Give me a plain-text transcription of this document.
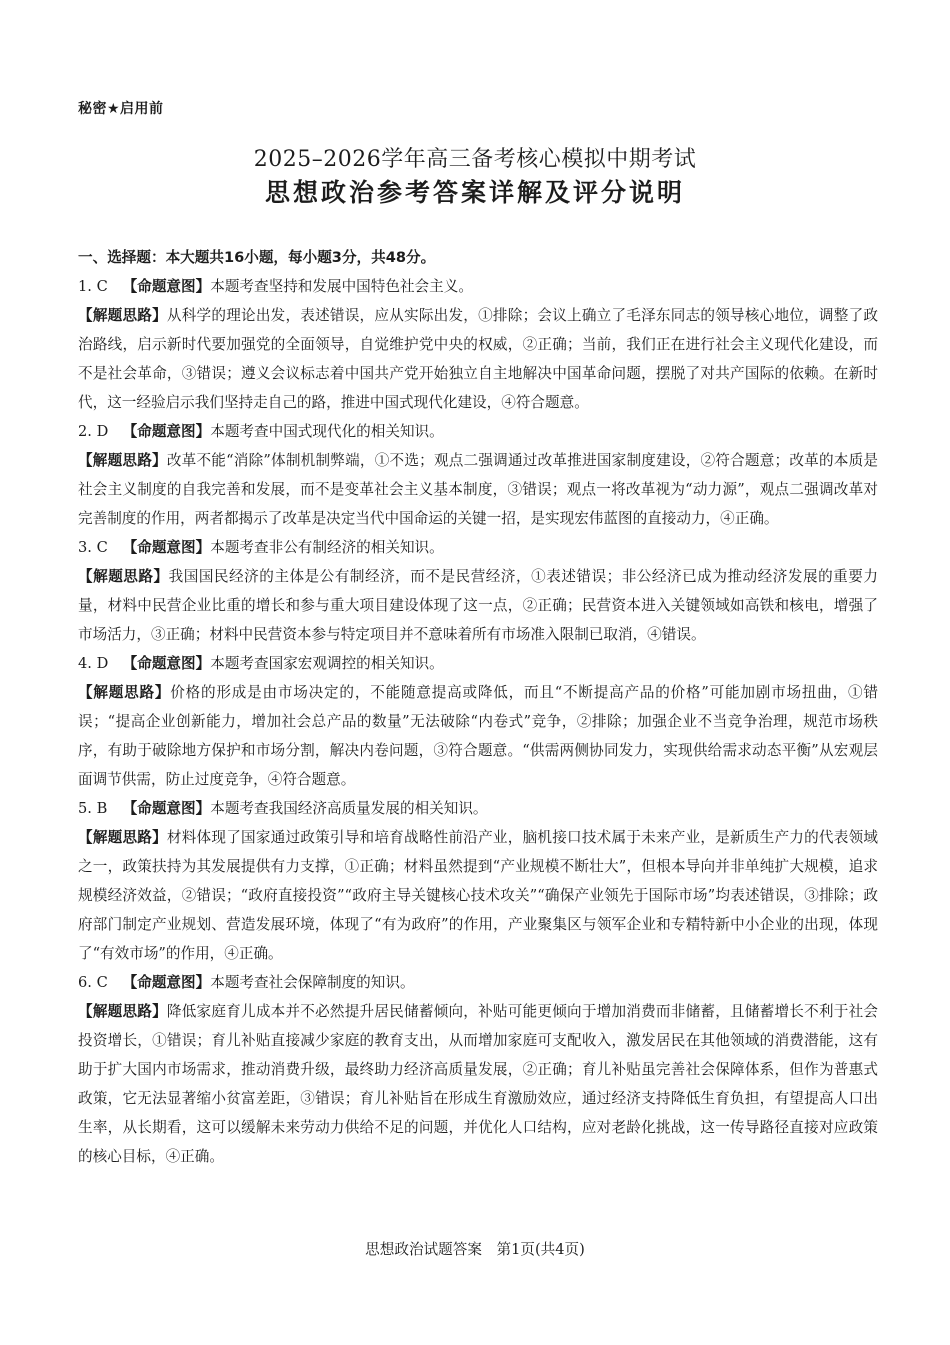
秘密★启用前
2025–2026学年高三备考核心模拟中期考试
思想政治参考答案详解及评分说明
一、选择题：本大题共16小题，每小题3分，共48分。
1. C 【命题意图】本题考查坚持和发展中国特色社会主义。

【解题思路】从科学的理论出发，表述错误，应从实际出发，①排除；会议上确立了毛泽东同志的领导核心地位，调整了政治路线，启示新时代要加强党的全面领导，自觉维护党中央的权威，②正确；当前，我们正在进行社会主义现代化建设，而不是社会革命，③错误；遵义会议标志着中国共产党开始独立自主地解决中国革命问题，摆脱了对共产国际的依赖。在新时代，这一经验启示我们坚持走自己的路，推进中国式现代化建设，④符合题意。

2. D 【命题意图】本题考查中国式现代化的相关知识。

【解题思路】改革不能“消除”体制机制弊端，①不选；观点二强调通过改革推进国家制度建设，②符合题意；改革的本质是社会主义制度的自我完善和发展，而不是变革社会主义基本制度，③错误；观点一将改革视为“动力源”，观点二强调改革对完善制度的作用，两者都揭示了改革是决定当代中国命运的关键一招，是实现宏伟蓝图的直接动力，④正确。

3. C 【命题意图】本题考查非公有制经济的相关知识。

【解题思路】我国国民经济的主体是公有制经济，而不是民营经济，①表述错误；非公经济已成为推动经济发展的重要力量，材料中民营企业比重的增长和参与重大项目建设体现了这一点，②正确；民营资本进入关键领域如高铁和核电，增强了市场活力，③正确；材料中民营资本参与特定项目并不意味着所有市场准入限制已取消，④错误。

4. D 【命题意图】本题考查国家宏观调控的相关知识。

【解题思路】价格的形成是由市场决定的，不能随意提高或降低，而且“不断提高产品的价格”可能加剧市场扭曲，①错误；“提高企业创新能力，增加社会总产品的数量”无法破除“内卷式”竞争，②排除；加强企业不当竞争治理，规范市场秩序，有助于破除地方保护和市场分割，解决内卷问题，③符合题意。“供需两侧协同发力，实现供给需求动态平衡”从宏观层面调节供需，防止过度竞争，④符合题意。

5. B 【命题意图】本题考查我国经济高质量发展的相关知识。

【解题思路】材料体现了国家通过政策引导和培育战略性前沿产业，脑机接口技术属于未来产业，是新质生产力的代表领域之一，政策扶持为其发展提供有力支撑，①正确；材料虽然提到“产业规模不断壮大”，但根本导向并非单纯扩大规模，追求规模经济效益，②错误；“政府直接投资”“政府主导关键核心技术攻关”“确保产业领先于国际市场”均表述错误，③排除；政府部门制定产业规划、营造发展环境，体现了“有为政府”的作用，产业聚集区与领军企业和专精特新中小企业的出现，体现了“有效市场”的作用，④正确。

6. C 【命题意图】本题考查社会保障制度的知识。

【解题思路】降低家庭育儿成本并不必然提升居民储蓄倾向，补贴可能更倾向于增加消费而非储蓄，且储蓄增长不利于社会投资增长，①错误；育儿补贴直接减少家庭的教育支出，从而增加家庭可支配收入，激发居民在其他领域的消费潜能，这有助于扩大国内市场需求，推动消费升级，最终助力经济高质量发展，②正确；育儿补贴虽完善社会保障体系，但作为普惠式政策，它无法显著缩小贫富差距，③错误；育儿补贴旨在形成生育激励效应，通过经济支持降低生育负担，有望提高人口出生率，从长期看，这可以缓解未来劳动力供给不足的问题，并优化人口结构，应对老龄化挑战，这一传导路径直接对应政策的核心目标，④正确。

思想政治试题答案　第1页(共4页)
